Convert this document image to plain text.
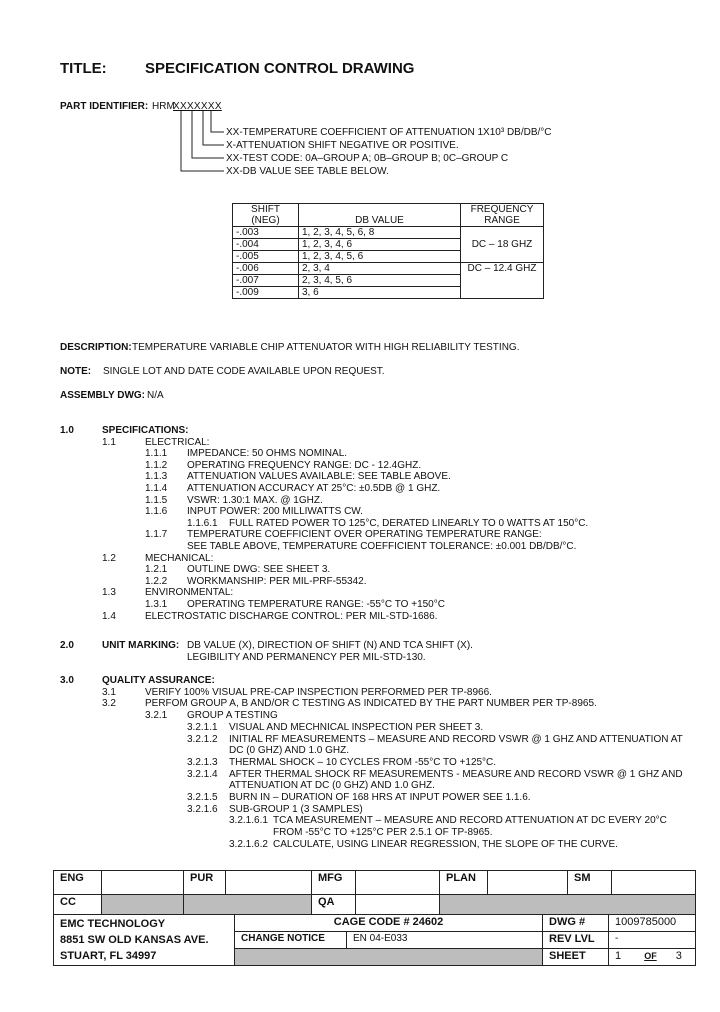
TITLE:	SPECIFICATION CONTROL DRAWING
PART IDENTIFIER: HRM
XXXXXXX
XX-TEMPERATURE COEFFICIENT OF ATTENUATION 1X10³ DB/DB/°C
X-ATTENUATION SHIFT NEGATIVE OR POSITIVE.
XX-TEST CODE: 0A–GROUP A; 0B–GROUP B; 0C–GROUP C
XX-DB VALUE SEE TABLE BELOW.
SHIFT
(NEG)	DB VALUE	FREQUENCY
RANGE
-.003	1, 2, 3, 4, 5, 6, 8	DC – 18 GHZ
-.004	1, 2, 3, 4, 6	
-.005	1, 2, 3, 4, 5, 6	
-.006	2, 3, 4	DC – 12.4 GHZ
-.007	2, 3, 4, 5, 6	
-.009	3, 6	
DESCRIPTION: TEMPERATURE VARIABLE CHIP ATTENUATOR WITH HIGH RELIABILITY TESTING.
NOTE: SINGLE LOT AND DATE CODE AVAILABLE UPON REQUEST.
ASSEMBLY DWG: N/A
1.0	SPECIFICATIONS:
1.1	ELECTRICAL:
1.1.1 IMPEDANCE: 50 OHMS NOMINAL.
1.1.2 OPERATING FREQUENCY RANGE: DC - 12.4GHZ.
1.1.3 ATTENUATION VALUES AVAILABLE: SEE TABLE ABOVE.
1.1.4 ATTENUATION ACCURACY AT 25°C: ±0.5DB @ 1 GHZ.
1.1.5 VSWR: 1.30:1 MAX. @ 1GHZ.
1.1.6 INPUT POWER: 200 MILLIWATTS CW.
1.1.6.1 FULL RATED POWER TO 125°C, DERATED LINEARLY TO 0 WATTS AT 150°C.
1.1.7 TEMPERATURE COEFFICIENT OVER OPERATING TEMPERATURE RANGE:
SEE TABLE ABOVE, TEMPERATURE COEFFICIENT TOLERANCE: ±0.001 DB/DB/°C.
1.2	MECHANICAL:
1.2.1 OUTLINE DWG: SEE SHEET 3.
1.2.2 WORKMANSHIP: PER MIL-PRF-55342.
1.3	ENVIRONMENTAL:
1.3.1 OPERATING TEMPERATURE RANGE: -55°C TO +150°C
1.4	ELECTROSTATIC DISCHARGE CONTROL: PER MIL-STD-1686.
2.0	UNIT MARKING: DB VALUE (X), DIRECTION OF SHIFT (N) AND TCA SHIFT (X).
LEGIBILITY AND PERMANENCY PER MIL-STD-130.
3.0	QUALITY ASSURANCE:
3.1	VERIFY 100% VISUAL PRE-CAP INSPECTION PERFORMED PER TP-8966.
3.2	PERFOM GROUP A, B AND/OR C TESTING AS INDICATED BY THE PART NUMBER PER TP-8965.
3.2.1 GROUP A TESTING
3.2.1.1 VISUAL AND MECHNICAL INSPECTION PER SHEET 3.
3.2.1.2 INITIAL RF MEASUREMENTS – MEASURE AND RECORD VSWR @ 1 GHZ AND ATTENUATION AT
DC (0 GHZ) AND 1.0 GHZ.
3.2.1.3 THERMAL SHOCK – 10 CYCLES FROM -55°C TO +125°C.
3.2.1.4 AFTER THERMAL SHOCK RF MEASUREMENTS - MEASURE AND RECORD VSWR @ 1 GHZ AND
ATTENUATION AT DC (0 GHZ) AND 1.0 GHZ.
3.2.1.5 BURN IN – DURATION OF 168 HRS AT INPUT POWER SEE 1.1.6.
3.2.1.6 SUB-GROUP 1 (3 SAMPLES)
3.2.1.6.1 TCA MEASUREMENT – MEASURE AND RECORD ATTENUATION AT DC EVERY 20°C
FROM -55°C TO +125°C PER 2.5.1 OF TP-8965.
3.2.1.6.2 CALCULATE, USING LINEAR REGRESSION, THE SLOPE OF THE CURVE.
ENG	PUR	MFG	PLAN	SM
CC	QA
EMC TECHNOLOGY
8851 SW OLD KANSAS AVE.
STUART, FL 34997
CAGE CODE # 24602
CHANGE NOTICE	EN 04-E033
DWG #	1009785000
REV LVL	-
SHEET	1	OF 3
